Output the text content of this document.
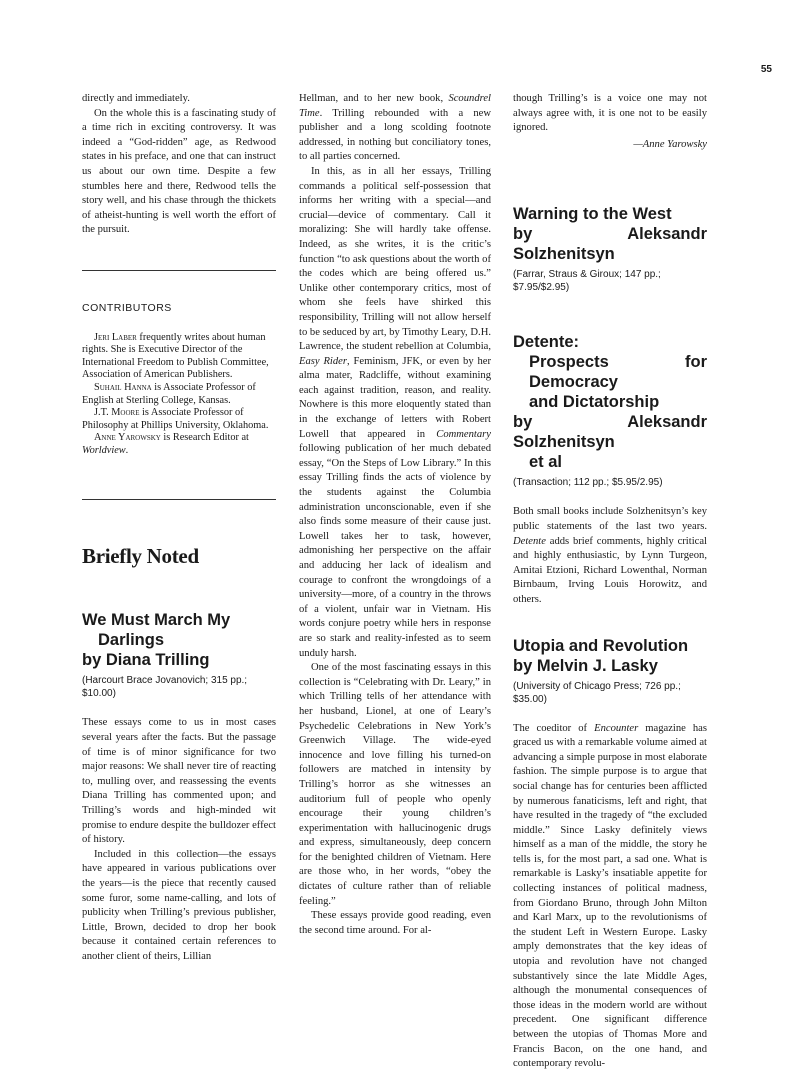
55

directly and immediately.

On the whole this is a fascinating study of a time rich in exciting controversy. It was indeed a “God-ridden” age, as Redwood states in his preface, and one that can instruct us about our own time. Despite a few stumbles here and there, Redwood tells the story well, and his chase through the thickets of atheist-hunting is well worth the effort of the pursuit.

CONTRIBUTORS

Jeri Laber frequently writes about human rights. She is Executive Director of the International Freedom to Publish Committee, Association of American Publishers.

Suhail Hanna is Associate Professor of English at Sterling College, Kansas.

J.T. Moore is Associate Professor of Philosophy at Phillips University, Oklahoma.

Anne Yarowsky is Research Editor at Worldview.

Briefly Noted
We Must March My
Darlings
by Diana Trilling
(Harcourt Brace Jovanovich; 315 pp.; $10.00)

These essays come to us in most cases several years after the facts. But the passage of time is of minor significance for two major reasons: We shall never tire of reacting to, mulling over, and reassessing the events Diana Trilling has commented upon; and Trilling’s words and high-minded wit promise to endure despite the bulldozer effect of history.

Included in this collection—the essays have appeared in various publications over the years—is the piece that recently caused some furor, some name-calling, and lots of publicity when Trilling’s previous publisher, Little, Brown, decided to drop her book because it contained certain references to another client of theirs, Lillian

Hellman, and to her new book, Scoundrel Time. Trilling rebounded with a new publisher and a long scolding footnote addressed, in nothing but conciliatory tones, to all parties concerned.

In this, as in all her essays, Trilling commands a political self-possession that informs her writing with a special—and crucial—device of commentary. Call it moralizing: She will hardly take offense. Indeed, as she writes, it is the critic’s function “to ask questions about the worth of the codes which are being offered us.” Unlike other contemporary critics, most of whom she feels have shirked this responsibility, Trilling will not allow herself to be seduced by art, by Timothy Leary, D.H. Lawrence, the student rebellion at Columbia, Easy Rider, Feminism, JFK, or even by her alma mater, Radcliffe, without examining each against tradition, reason, and reality. Nowhere is this more eloquently stated than in the exchange of letters with Robert Lowell that appeared in Commentary following publication of her much debated essay, “On the Steps of Low Library.” In this essay Trilling finds the acts of violence by the students against the Columbia administration unconscionable, even if she also finds some measure of their cause just. Lowell takes her to task, however, admonishing her perspective on the affair and adducing her lack of idealism and courage to confront the wrongdoings of a university—more, of a country in the throws of a violent, unfair war in Vietnam. His words conjure poetry while hers in response are so stark and reality-infested as to seem unduly harsh.

One of the most fascinating essays in this collection is “Celebrating with Dr. Leary,” in which Trilling tells of her attendance with her husband, Lionel, at one of Leary’s Psychedelic Celebrations in New York’s Greenwich Village. The wide-eyed innocence and love filling his turned-on followers are matched in intensity by Trilling’s horror as she witnesses an auditorium full of people who openly encourage their young children’s experimentation with hallucinogenic drugs and express, simultaneously, deep concern for the benighted children of Vietnam. Here are those who, in her words, “obey the dictates of culture rather than of reliable feeling.”

These essays provide good reading, even the second time around. For al-

though Trilling’s is a voice one may not always agree with, it is one not to be easily ignored.

—Anne Yarowsky
Warning to the West
by Aleksandr Solzhenitsyn
(Farrar, Straus & Giroux; 147 pp.; $7.95/$2.95)
Detente:
Prospects for Democracy
and Dictatorship
by Aleksandr Solzhenitsyn
et al
(Transaction; 112 pp.; $5.95/2.95)

Both small books include Solzhenitsyn’s key public statements of the last two years. Detente adds brief comments, highly critical and highly enthusiastic, by Lynn Turgeon, Amitai Etzioni, Richard Lowenthal, Norman Birnbaum, Irving Louis Horowitz, and others.

Utopia and Revolution
by Melvin J. Lasky
(University of Chicago Press; 726 pp.; $35.00)

The coeditor of Encounter magazine has graced us with a remarkable volume aimed at advancing a simple purpose in most elaborate fashion. The simple purpose is to argue that social change has for centuries been afflicted by numerous fanaticisms, left and right, that have resulted in the tragedy of “the excluded middle.” Since Lasky definitely views himself as a man of the middle, the story he tells is, for the most part, a sad one. What is remarkable is Lasky’s insatiable appetite for collecting instances of political madness, from Giordano Bruno, through John Milton and Karl Marx, up to the revolutionisms of the student Left in Western Europe. Lasky amply demonstrates that the key ideas of utopia and revolution have not changed substantively since the late Middle Ages, although the monumental consequences of those ideas in the modern world are without precedent. One significant difference between the utopias of Thomas More and Francis Bacon, on the one hand, and contemporary revolu-
